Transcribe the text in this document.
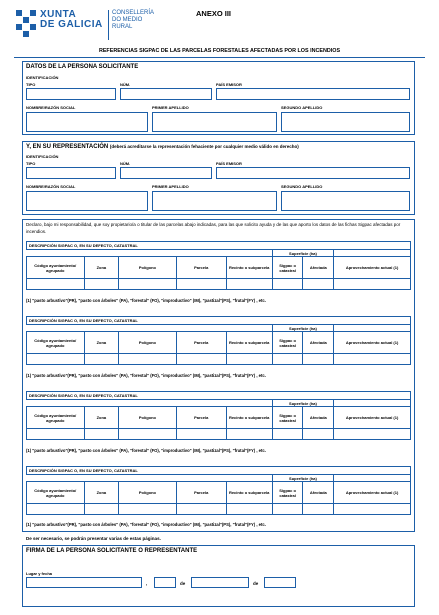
XUNTA
DE GALICIA
CONSELLERÍA
DO MEDIO
RURAL
ANEXO III
REFERENCIAS SIGPAC DE LAS PARCELAS FORESTALES AFECTADAS POR LOS INCENDIOS
DATOS DE LA PERSONA SOLICITANTE
IDENTIFICACIÓN
TIPO	NÚM.	PAÍS EMISOR
NOMBRE/RAZÓN SOCIAL	PRIMER APELLIDO	SEGUNDO APELLIDO
Y, EN SU REPRESENTACIÓN (deberá acreditarse la representación fehaciente por cualquier medio válido en derecho)
IDENTIFICACIÓN
TIPO	NÚM.	PAÍS EMISOR
NOMBRE/RAZÓN SOCIAL	PRIMER APELLIDO	SEGUNDO APELLIDO
Declaro, bajo mi responsabilidad, que soy propietario/a o titular de las parcelas abajo indicadas, para las que solicito ayuda y de las que aporto los datos de las fichas Sigpac afectadas por incendios.
DESCRIPCIÓN SIGPAC O, EN SU DEFECTO, CATASTRAL							
					Superficie (ha)		
Código ayuntamiento/ agrupado	Zona	Polígono	Parcela	Recinto o subparcela	Sigpac o catastral	Afectada	Aprovechamiento actual (1)

(1) "pasto arbustivo"(PR), "pasto con árboles" (PA), "forestal" (FO), "improductivo" (IM), "pastizal"(PS), "frutal"(FY) , etc.
DESCRIPCIÓN SIGPAC O, EN SU DEFECTO, CATASTRAL							
					Superficie (ha)		
Código ayuntamiento/ agrupado	Zona	Polígono	Parcela	Recinto o subparcela	Sigpac o catastral	Afectada	Aprovechamiento actual (1)

(1) "pasto arbustivo"(PR), "pasto con árboles" (PA), "forestal" (FO), "improductivo" (IM), "pastizal"(PS), "frutal"(FY) , etc.
DESCRIPCIÓN SIGPAC O, EN SU DEFECTO, CATASTRAL							
					Superficie (ha)		
Código ayuntamiento/ agrupado	Zona	Polígono	Parcela	Recinto o subparcela	Sigpac o catastral	Afectada	Aprovechamiento actual (1)

(1) "pasto arbustivo"(PR), "pasto con árboles" (PA), "forestal" (FO), "improductivo" (IM), "pastizal"(PS), "frutal"(FY) , etc.
DESCRIPCIÓN SIGPAC O, EN SU DEFECTO, CATASTRAL							
					Superficie (ha)		
Código ayuntamiento/ agrupado	Zona	Polígono	Parcela	Recinto o subparcela	Sigpac o catastral	Afectada	Aprovechamiento actual (1)

(1) "pasto arbustivo"(PR), "pasto con árboles" (PA), "forestal" (FO), "improductivo" (IM), "pastizal"(PS), "frutal"(FY) , etc.
De ser necesario, se podrán presentar varias de estas páginas.
FIRMA DE LA PERSONA SOLICITANTE O REPRESENTANTE
Lugar y fecha
,	de	de
